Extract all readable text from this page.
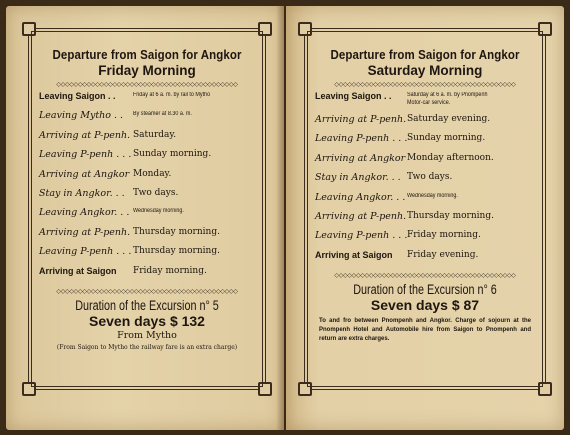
Departure from Saigon for Angkor
Friday Morning
◇◇◇◇◇◇◇◇◇◇◇◇◇◇◇◇◇◇◇◇◇◇◇◇◇◇◇◇◇◇◇◇◇◇◇◇◇◇◇◇◇◇
Leaving Saigon . .	Friday at 6 a. m. by rail to Mytho
Leaving Mytho . .	By steamer at 8.30 a. m.
Arriving at P-penh. Saturday.
Leaving P-penh . . . Sunday morning.
Arriving at Angkor Monday.
Stay in Angkor. . . Two days.
Leaving Angkor. . . Wednesday morning.
Arriving at P-penh. Thursday morning.
Leaving P-penh . . . Thursday morning.
Arriving at Saigon	Friday morning.
◇◇◇◇◇◇◇◇◇◇◇◇◇◇◇◇◇◇◇◇◇◇◇◇◇◇◇◇◇◇◇◇◇◇◇◇◇◇◇◇◇◇
Duration of the Excursion n° 5
Seven days $ 132
From Mytho
(From Saigon to Mytho the railway fare is an extra charge)
Departure from Saigon for Angkor
Saturday Morning
◇◇◇◇◇◇◇◇◇◇◇◇◇◇◇◇◇◇◇◇◇◇◇◇◇◇◇◇◇◇◇◇◇◇◇◇◇◇◇◇◇◇
Leaving Saigon . .	Saturday at 6 a. m. by Pnompenh Motor-car service.
Arriving at P-penh. Saturday evening.
Leaving P-penh . . . Sunday morning.
Arriving at Angkor Monday afternoon.
Stay in Angkor. . . Two days.
Leaving Angkor. . . Wednesday morning.
Arriving at P-penh. Thursday morning.
Leaving P-penh . . . Friday morning.
Arriving at Saigon	Friday evening.
◇◇◇◇◇◇◇◇◇◇◇◇◇◇◇◇◇◇◇◇◇◇◇◇◇◇◇◇◇◇◇◇◇◇◇◇◇◇◇◇◇◇
Duration of the Excursion n° 6
Seven days $ 87
To and fro between Pnompenh and Angkor. Charge of sojourn at the Pnompenh Hotel and Automobile hire from Saigon to Pnompenh and return are extra charges.
